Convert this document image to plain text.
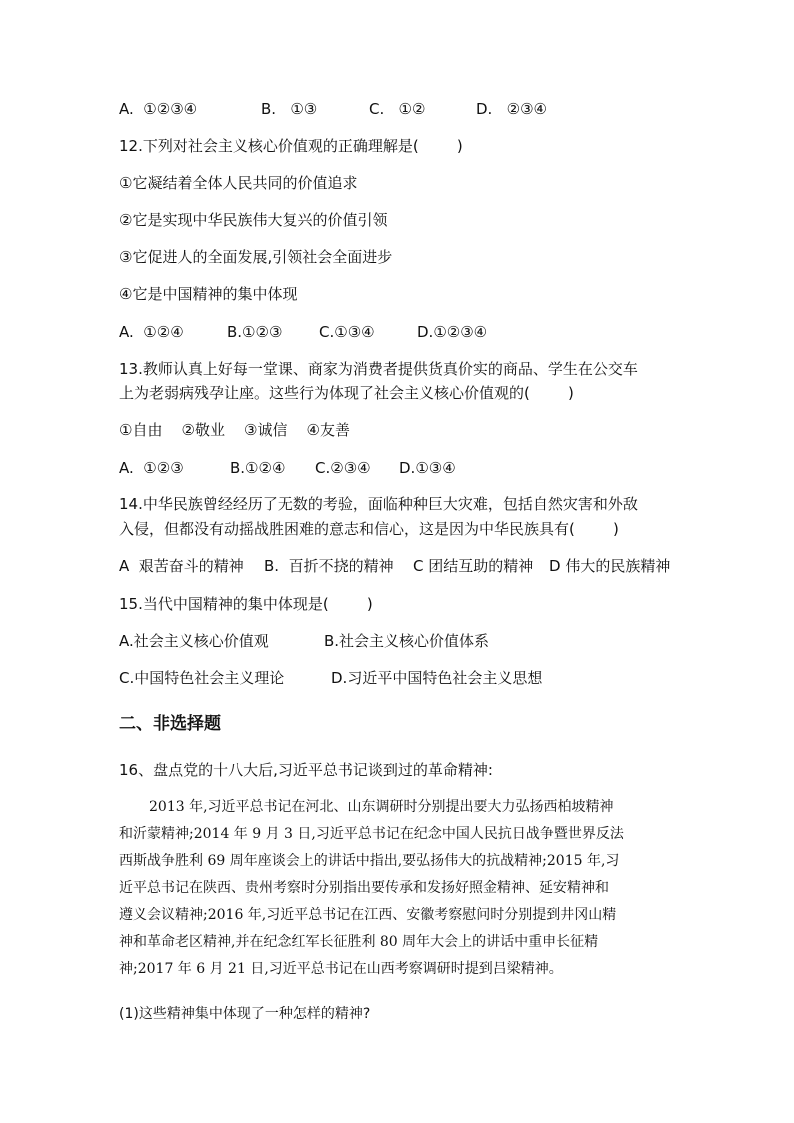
A.  ①②③④

	B.   ①③

	C.   ①②

	D.   ②③④

12.下列对社会主义核心价值观的正确理解是(        )
①它凝结着全体人民共同的价值追求
②它是实现中华民族伟大复兴的价值引领
③它促进人的全面发展,引领社会全面进步
④它是中国精神的集中体现

A.  ①②④

	B.①②③

C.①③④

	D.①②③④

13.教师认真上好每一堂课、商家为消费者提供货真价实的商品、学生在公交车
上为老弱病残孕让座。这些行为体现了社会主义核心价值观的(        )
①自由    ②敬业    ③诚信    ④友善

A.  ①②③

	B.①②④

C.②③④

D.①③④

14.中华民族曾经经历了无数的考验，面临种种巨大灾难，包括自然灾害和外敌
入侵，但都没有动摇战胜困难的意志和信心，这是因为中华民族具有(        )

A  艰苦奋斗的精神

B.  百折不挠的精神

C 团结互助的精神

D 伟大的民族精神

15.当代中国精神的集中体现是(        )

A.社会主义核心价值观

	B.社会主义核心价值体系

C.中国特色社会主义理论

	D.习近平中国特色社会主义思想

二、非选择题
16、盘点党的十八大后,习近平总书记谈到过的革命精神:
2013 年,习近平总书记在河北、山东调研时分别提出要大力弘扬西柏坡精神
和沂蒙精神;2014 年 9 月 3 日,习近平总书记在纪念中国人民抗日战争暨世界反法
西斯战争胜利 69 周年座谈会上的讲话中指出,要弘扬伟大的抗战精神;2015 年,习
近平总书记在陕西、贵州考察时分别指出要传承和发扬好照金精神、延安精神和
遵义会议精神;2016 年,习近平总书记在江西、安徽考察慰问时分别提到井冈山精
神和革命老区精神,并在纪念红军长征胜利 80 周年大会上的讲话中重申长征精
神;2017 年 6 月 21 日,习近平总书记在山西考察调研时提到吕梁精神。
(1)这些精神集中体现了一种怎样的精神?
